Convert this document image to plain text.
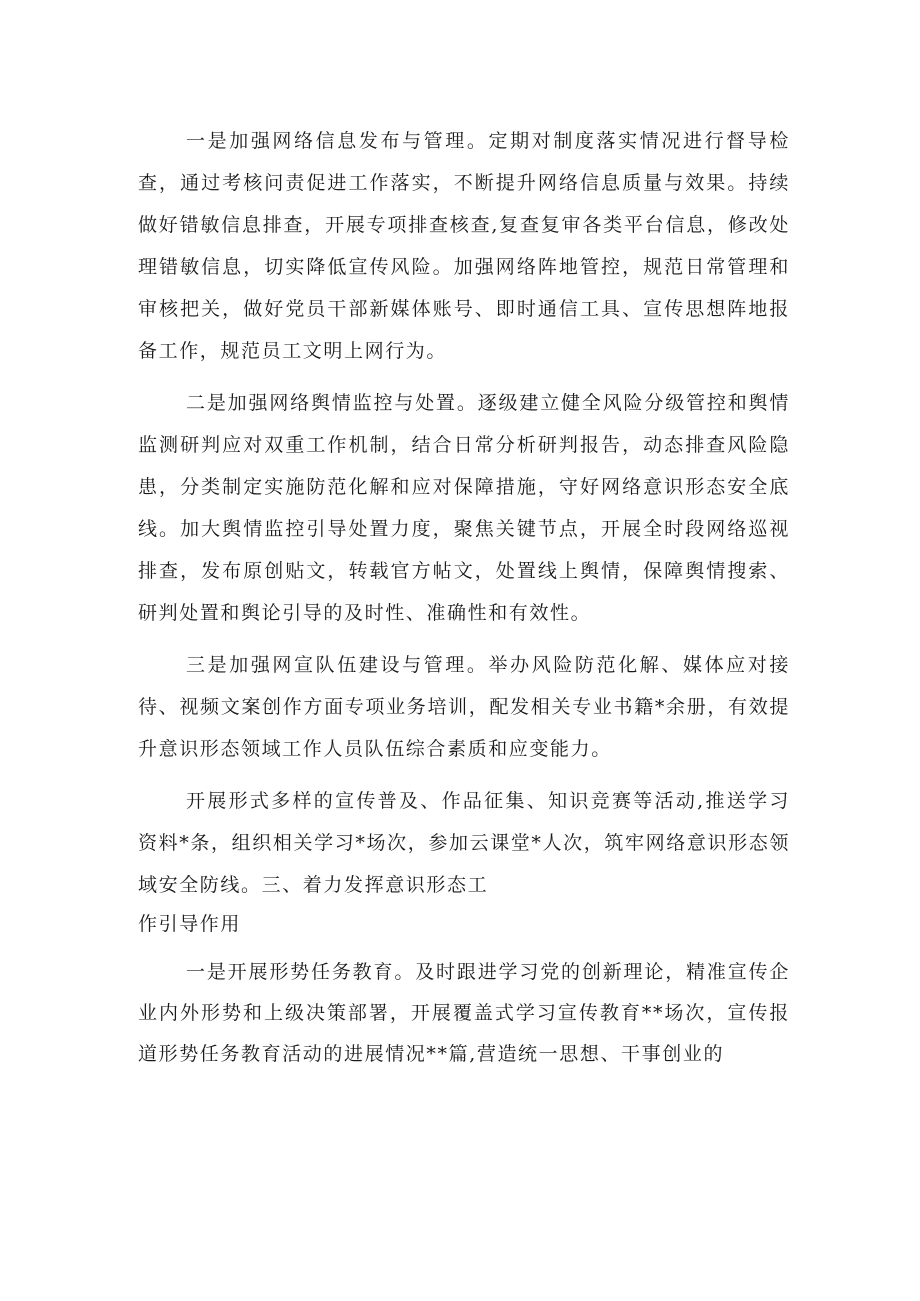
一是加强网络信息发布与管理。定期对制度落实情况进行督导检查，通过考核问责促进工作落实，不断提升网络信息质量与效果。持续做好错敏信息排查，开展专项排查核查,复查复审各类平台信息，修改处理错敏信息，切实降低宣传风险。加强网络阵地管控，规范日常管理和审核把关，做好党员干部新媒体账号、即时通信工具、宣传思想阵地报备工作，规范员工文明上网行为。

二是加强网络舆情监控与处置。逐级建立健全风险分级管控和舆情监测研判应对双重工作机制，结合日常分析研判报告，动态排查风险隐患，分类制定实施防范化解和应对保障措施，守好网络意识形态安全底线。加大舆情监控引导处置力度，聚焦关键节点，开展全时段网络巡视排查，发布原创贴文，转载官方帖文，处置线上舆情，保障舆情搜索、研判处置和舆论引导的及时性、准确性和有效性。

三是加强网宣队伍建设与管理。举办风险防范化解、媒体应对接待、视频文案创作方面专项业务培训，配发相关专业书籍*余册，有效提升意识形态领域工作人员队伍综合素质和应变能力。

开展形式多样的宣传普及、作品征集、知识竞赛等活动,推送学习资料*条，组织相关学习*场次，参加云课堂*人次，筑牢网络意识形态领域安全防线。三、着力发挥意识形态工

作引导作用

一是开展形势任务教育。及时跟进学习党的创新理论，精准宣传企业内外形势和上级决策部署，开展覆盖式学习宣传教育**场次，宣传报道形势任务教育活动的进展情况**篇,营造统一思想、干事创业的
